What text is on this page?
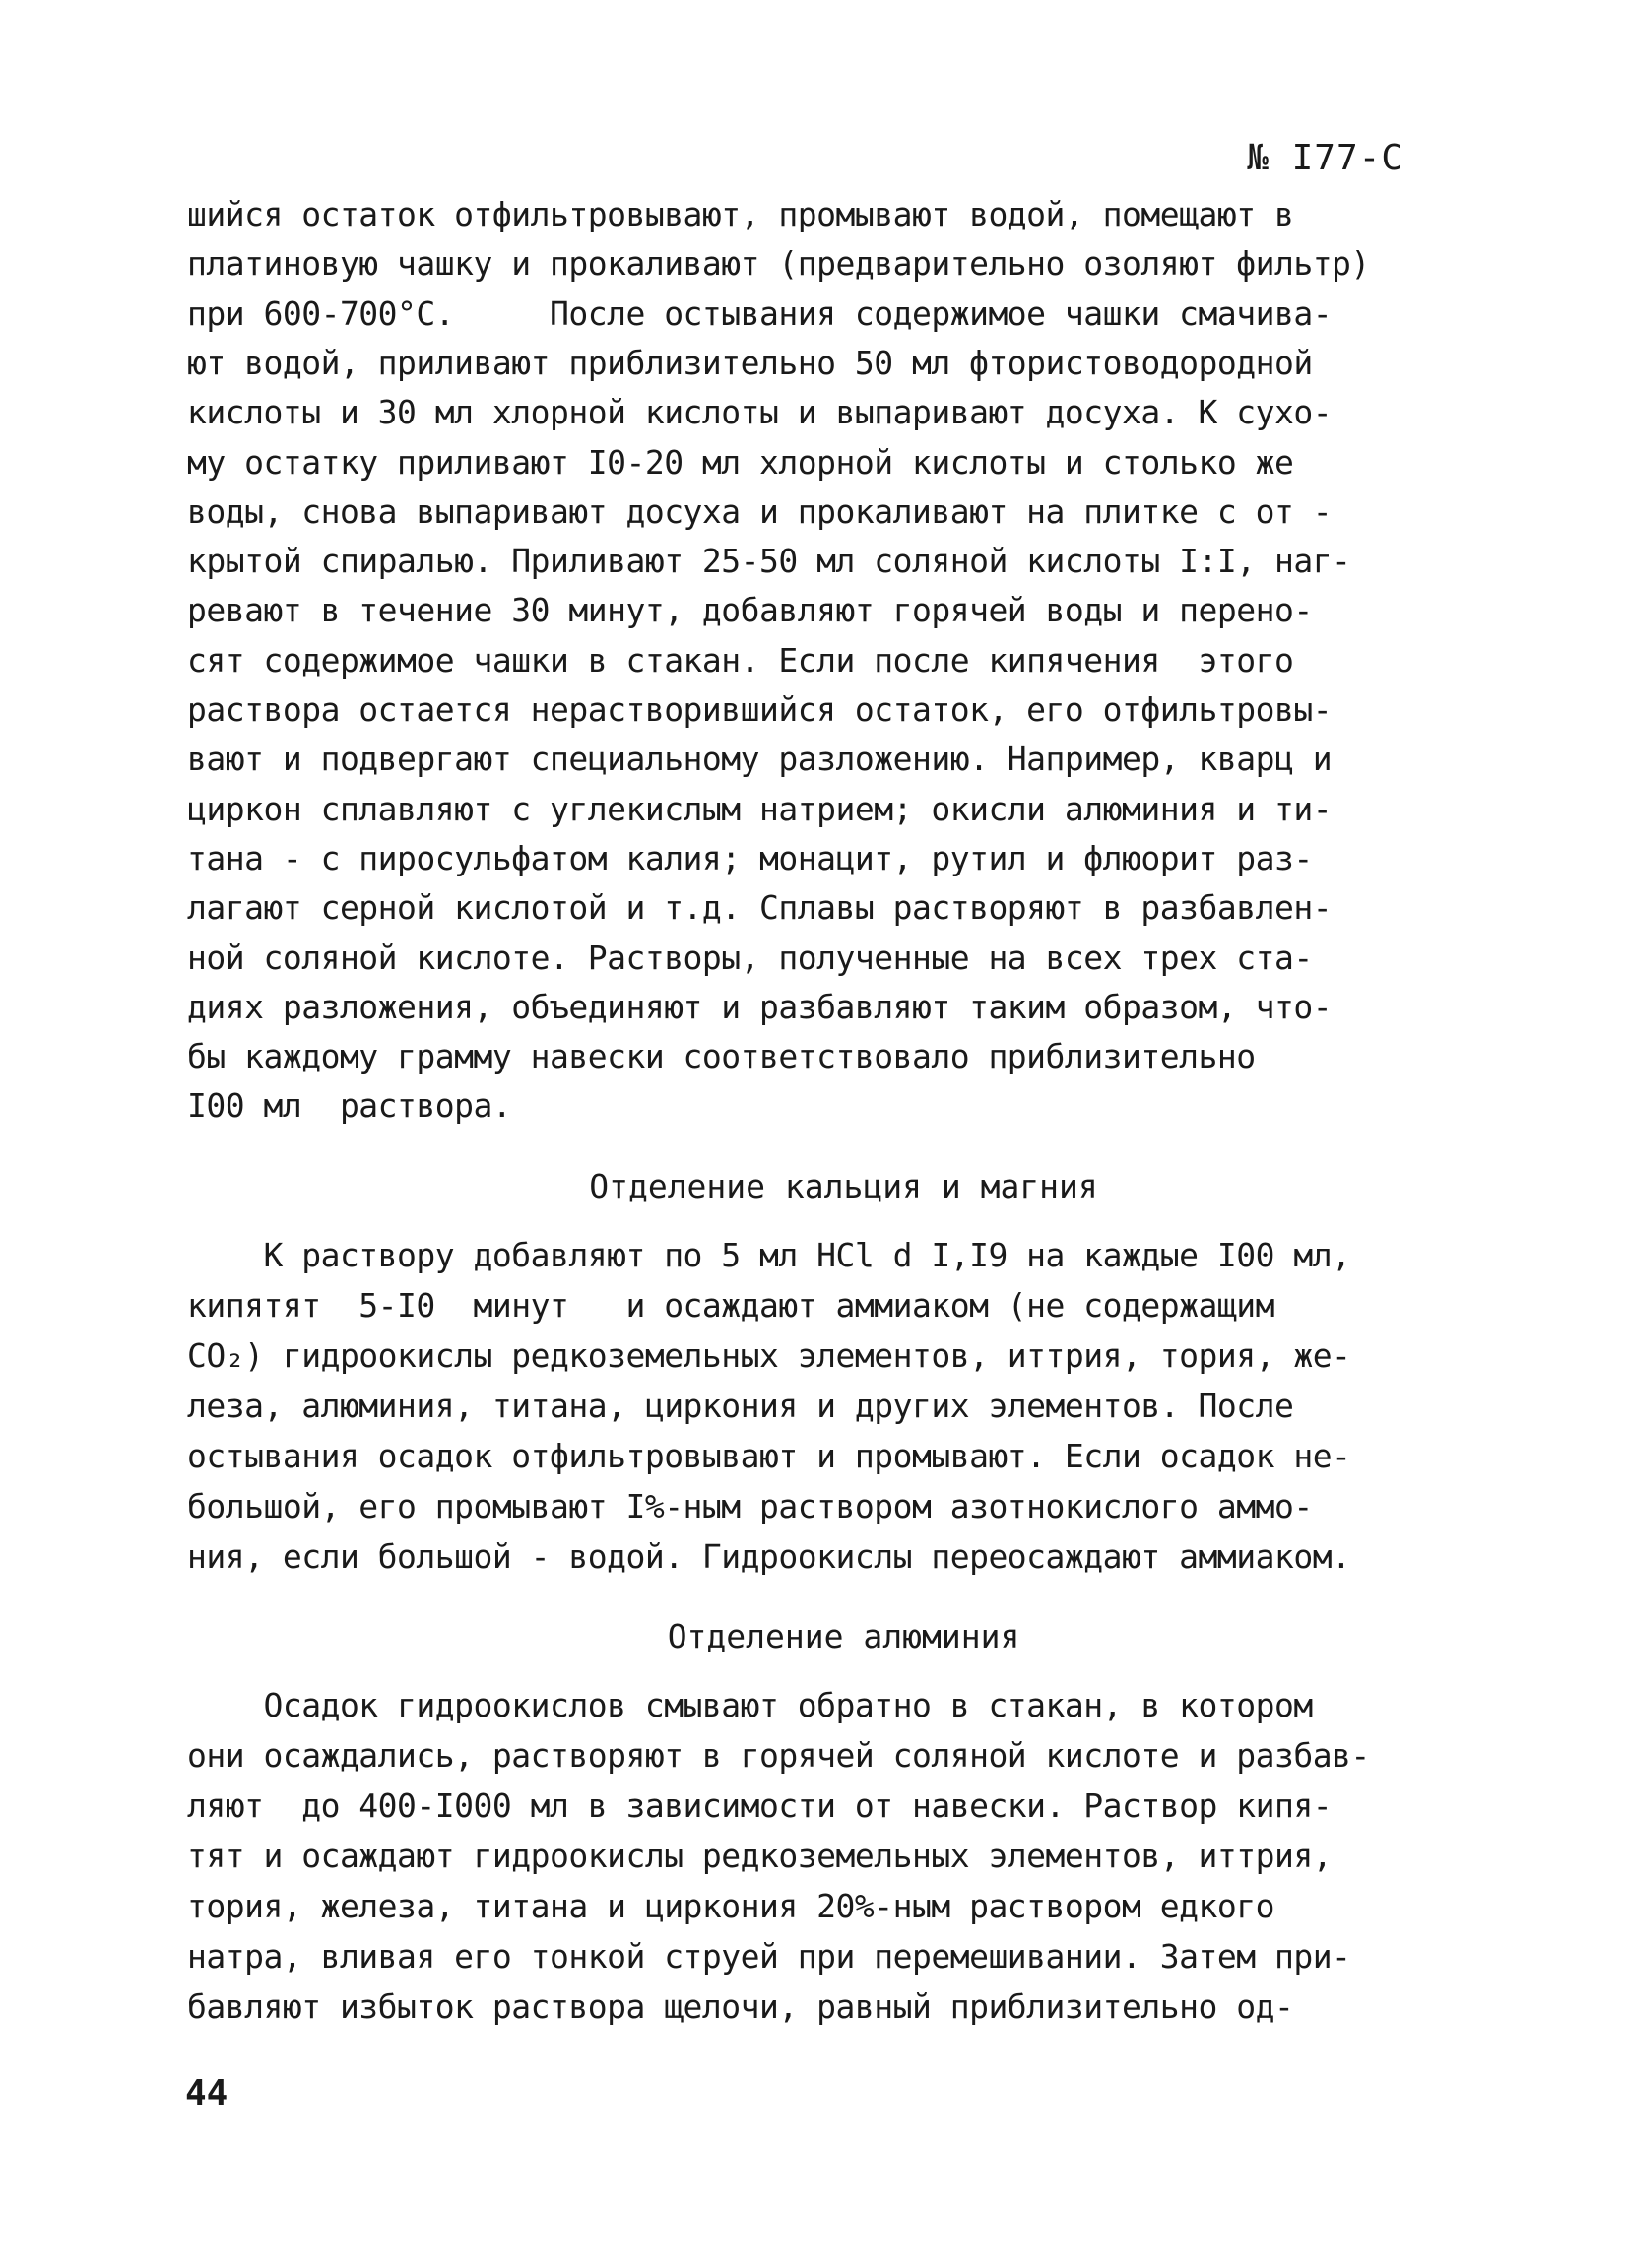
№ I77-С
шийся остаток отфильтровывают, промывают водой, помещают в
платиновую чашку и прокаливают (предварительно озоляют фильтр)
при 600-700°С.     После остывания содержимое чашки смачива-
ют водой, приливают приблизительно 50 мл фтористоводородной
кислоты и 30 мл хлорной кислоты и выпаривают досуха. К сухо-
му остатку приливают I0-20 мл хлорной кислоты и столько же
воды, снова выпаривают досуха и прокаливают на плитке с от -
крытой спиралью. Приливают 25-50 мл соляной кислоты I:I, наг-
ревают в течение 30 минут, добавляют горячей воды и перено-
сят содержимое чашки в стакан. Если после кипячения  этого
раствора остается нерастворившийся остаток, его отфильтровы-
вают и подвергают специальному разложению. Например, кварц и
циркон сплавляют с углекислым натрием; окисли алюминия и ти-
тана - с пиросульфатом калия; монацит, рутил и флюорит раз-
лагают серной кислотой и т.д. Сплавы растворяют в разбавлен-
ной соляной кислоте. Растворы, полученные на всех трех ста-
диях разложения, объединяют и разбавляют таким образом, что-
бы каждому грамму навески соответствовало приблизительно
I00 мл  раствора.
Отделение кальция и магния
К раствору добавляют по 5 мл HCl d I,I9 на каждые I00 мл,
кипятят  5-I0  минут   и осаждают аммиаком (не содержащим
СО₂) гидроокислы редкоземельных элементов, иттрия, тория, же-
леза, алюминия, титана, циркония и других элементов. После
остывания осадок отфильтровывают и промывают. Если осадок не-
большой, его промывают I%-ным раствором азотнокислого аммо-
ния, если большой - водой. Гидроокислы переосаждают аммиаком.
Отделение алюминия
Осадок гидроокислов смывают обратно в стакан, в котором
они осаждались, растворяют в горячей соляной кислоте и разбав-
ляют  до 400-I000 мл в зависимости от навески. Раствор кипя-
тят и осаждают гидроокислы редкоземельных элементов, иттрия,
тория, железа, титана и циркония 20%-ным раствором едкого
натра, вливая его тонкой струей при перемешивании. Затем при-
бавляют избыток раствора щелочи, равный приблизительно од-
44
